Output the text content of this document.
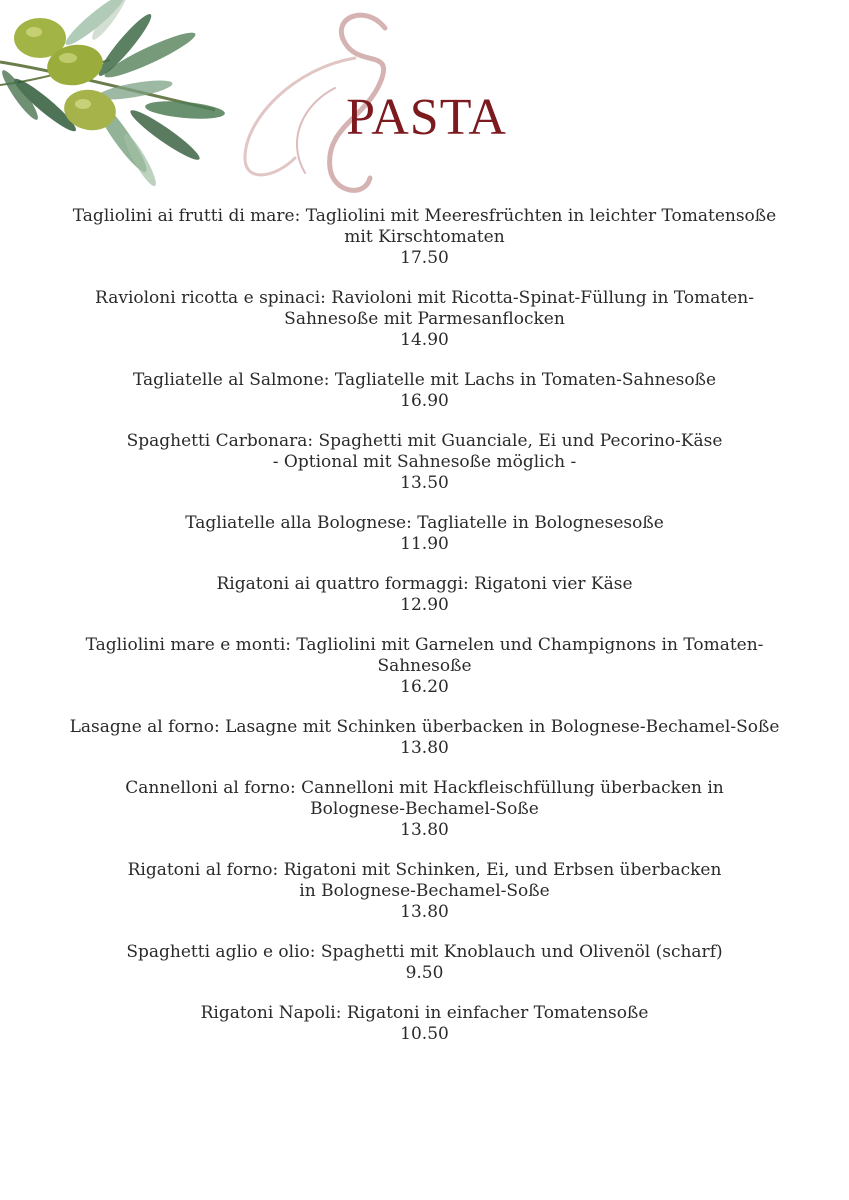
PASTA
Tagliolini ai frutti di mare: Tagliolini mit Meeresfrüchten in leichter Tomatensoße mit Kirschtomaten
17.50
Ravioloni ricotta e spinaci: Ravioloni mit Ricotta-Spinat-Füllung in Tomaten-Sahnesoße mit Parmesanflocken
14.90
Tagliatelle al Salmone: Tagliatelle mit Lachs in Tomaten-Sahnesoße
16.90
Spaghetti Carbonara: Spaghetti mit Guanciale, Ei und Pecorino-Käse
- Optional mit Sahnesoße möglich -
13.50
Tagliatelle alla Bolognese: Tagliatelle in Bolognesesoße
11.90
Rigatoni ai quattro formaggi: Rigatoni vier Käse
12.90
Tagliolini mare e monti: Tagliolini mit Garnelen und Champignons in Tomaten-Sahnesoße
16.20
Lasagne al forno: Lasagne mit Schinken überbacken in Bolognese-Bechamel-Soße
13.80
Cannelloni al forno: Cannelloni mit Hackfleischfüllung überbacken in
Bolognese-Bechamel-Soße
13.80
Rigatoni al forno: Rigatoni mit Schinken, Ei, und Erbsen überbacken
in Bolognese-Bechamel-Soße
13.80
Spaghetti aglio e olio: Spaghetti mit Knoblauch und Olivenöl (scharf)
9.50
Rigatoni Napoli: Rigatoni in einfacher Tomatensoße
10.50
